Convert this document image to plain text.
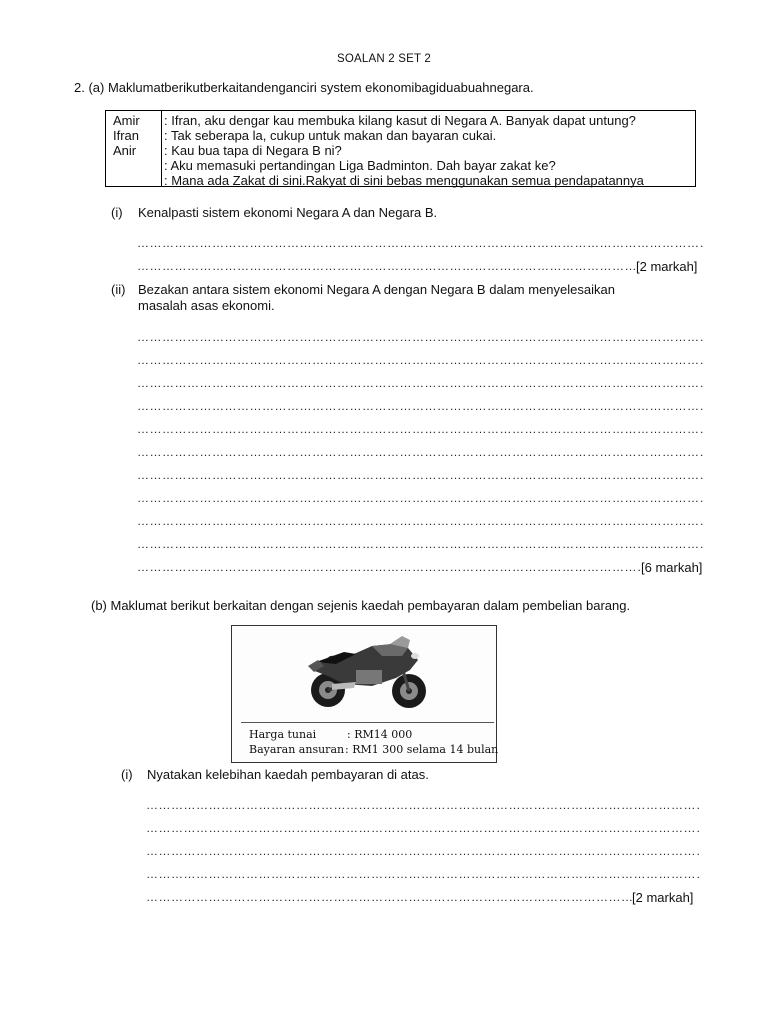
SOALAN 2 SET 2
2. (a) Maklumatberikutberkaitandenganciri system ekonomibagiduabuahnegara.
Amir
Ifran
Anir
: Ifran, aku dengar kau membuka kilang kasut di Negara A. Banyak dapat untung?
: Tak seberapa la, cukup untuk makan dan bayaran cukai.
: Kau bua tapa di Negara B ni?
: Aku memasuki pertandingan Liga Badminton. Dah bayar zakat ke?
: Mana ada Zakat di sini.Rakyat di sini bebas menggunakan semua pendapatannya
(i) Kenalpasti sistem ekonomi Negara A dan Negara B.
……………………………………………………………………………………………………………………………………………………………………………………
……………………………………………………………………………………………………………………………………………………………………………………
[2 markah]
(ii) Bezakan antara sistem ekonomi Negara A dengan Negara B dalam menyelesaikan
masalah asas ekonomi.
……………………………………………………………………………………………………………………………………………………………………………………
……………………………………………………………………………………………………………………………………………………………………………………
……………………………………………………………………………………………………………………………………………………………………………………
……………………………………………………………………………………………………………………………………………………………………………………
……………………………………………………………………………………………………………………………………………………………………………………
……………………………………………………………………………………………………………………………………………………………………………………
……………………………………………………………………………………………………………………………………………………………………………………
……………………………………………………………………………………………………………………………………………………………………………………
……………………………………………………………………………………………………………………………………………………………………………………
……………………………………………………………………………………………………………………………………………………………………………………
……………………………………………………………………………………………………………………………………………………………………………………
[6 markah]
(b) Maklumat berikut berkaitan dengan sejenis kaedah pembayaran dalam pembelian barang.
Harga tunai	: RM14 000
Bayaran ansuran : RM1 300 selama 14 bulan
(i) Nyatakan kelebihan kaedah pembayaran di atas.
……………………………………………………………………………………………………………………………………………………………………………………
……………………………………………………………………………………………………………………………………………………………………………………
……………………………………………………………………………………………………………………………………………………………………………………
……………………………………………………………………………………………………………………………………………………………………………………
……………………………………………………………………………………………………………………………………………………………………………………
[2 markah]
